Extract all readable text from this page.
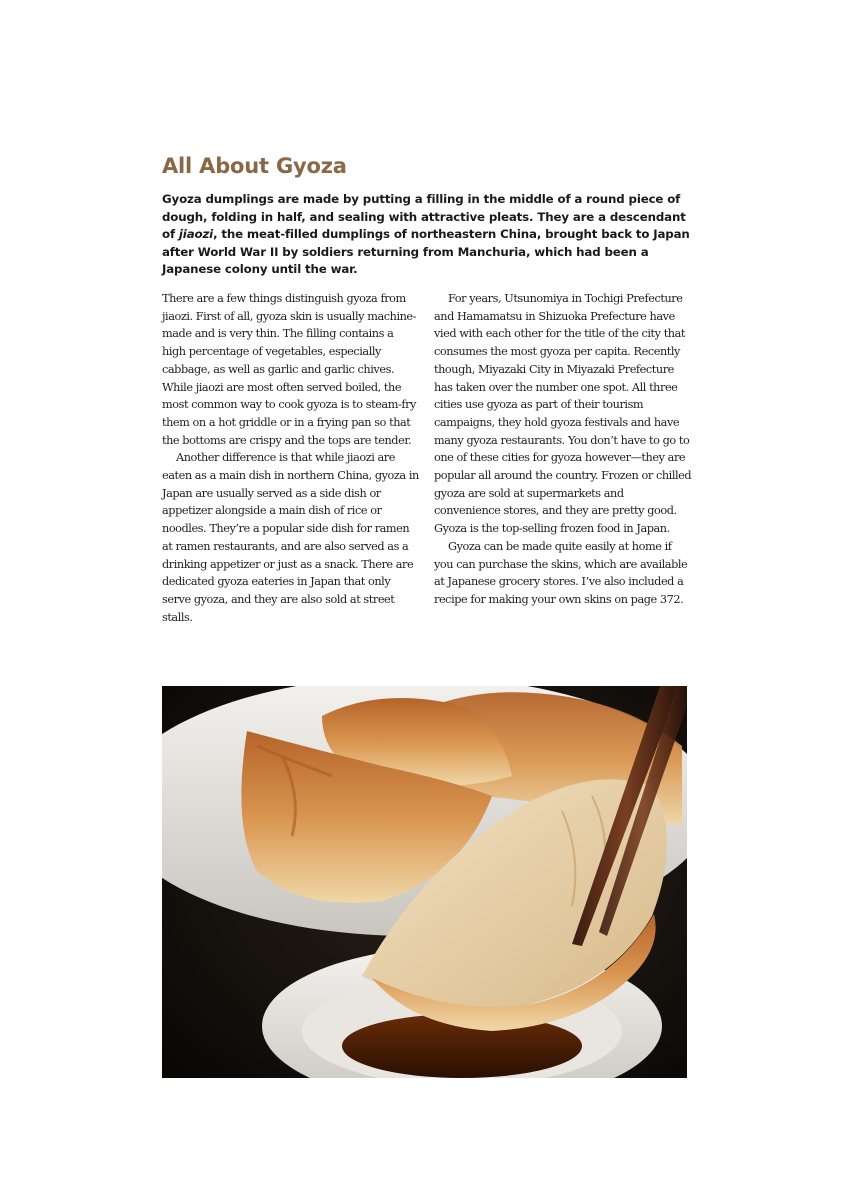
All About Gyoza
Gyoza dumplings are made by putting a filling in the middle of a round piece of dough, folding in half, and sealing with attractive pleats. They are a descendant of jiaozi, the meat-filled dumplings of northeastern China, brought back to Japan after World War II by soldiers returning from Manchuria, which had been a Japanese colony until the war.

There are a few things distinguish gyoza from jiaozi. First of all, gyoza skin is usually machine-made and is very thin. The filling contains a high percentage of vegetables, especially cabbage, as well as garlic and garlic chives. While jiaozi are most often served boiled, the most common way to cook gyoza is to steam-fry them on a hot griddle or in a frying pan so that the bottoms are crispy and the tops are tender.

Another difference is that while jiaozi are eaten as a main dish in northern China, gyoza in Japan are usually served as a side dish or appetizer alongside a main dish of rice or noodles. They’re a popular side dish for ramen at ramen restaurants, and are also served as a drinking appetizer or just as a snack. There are dedicated gyoza eateries in Japan that only serve gyoza, and they are also sold at street stalls.

For years, Utsunomiya in Tochigi Prefecture and Hamamatsu in Shizuoka Prefecture have vied with each other for the title of the city that consumes the most gyoza per capita. Recently though, Miyazaki City in Miyazaki Prefecture has taken over the number one spot. All three cities use gyoza as part of their tourism campaigns, they hold gyoza festivals and have many gyoza restaurants. You don’t have to go to one of these cities for gyoza however—they are popular all around the country. Frozen or chilled gyoza are sold at supermarkets and convenience stores, and they are pretty good. Gyoza is the top-selling frozen food in Japan.

Gyoza can be made quite easily at home if you can purchase the skins, which are available at Japanese grocery stores. I’ve also included a recipe for making your own skins on page 372.
